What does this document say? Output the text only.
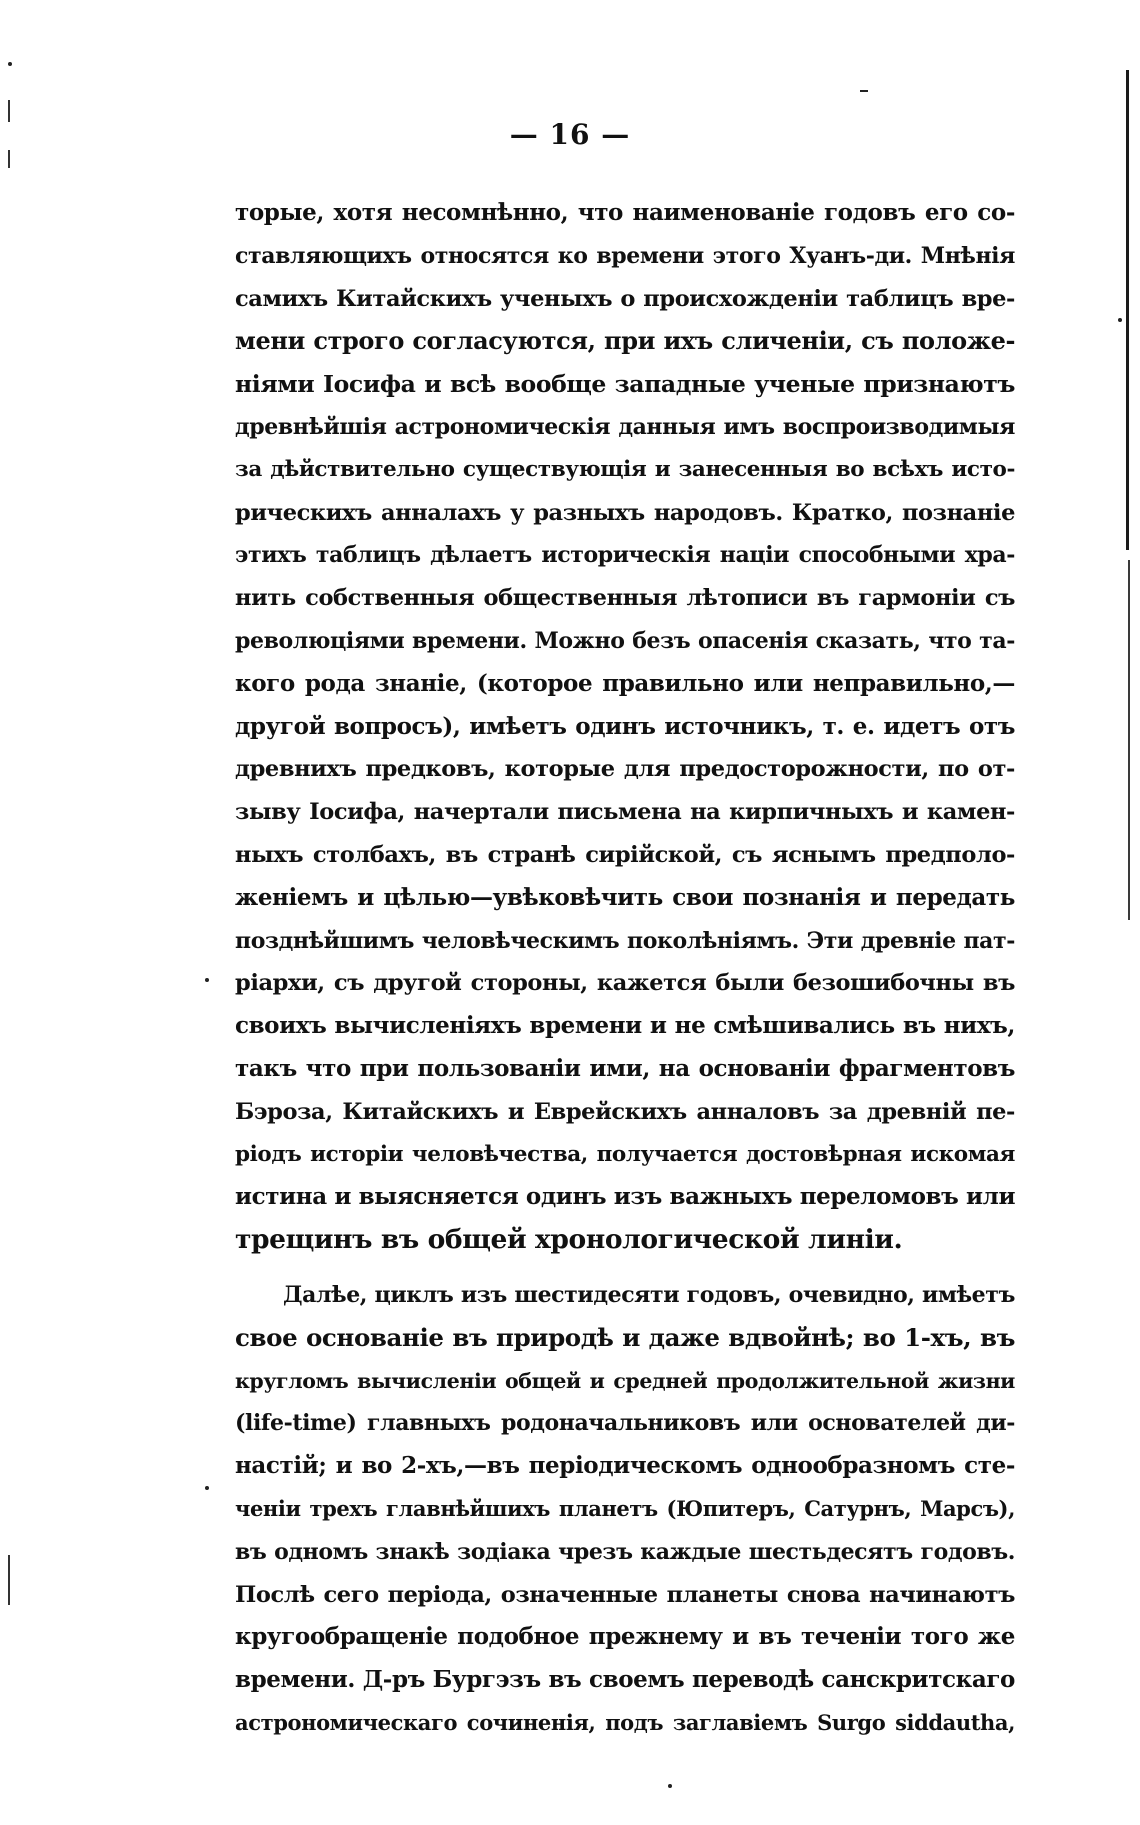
— 16 —
торые, хотя несомнѣнно, что наименованіе годовъ его со-
ставляющихъ относятся ко времени этого Хуанъ-ди. Мнѣнія
самихъ Китайскихъ ученыхъ о происхожденіи таблицъ вре-
мени строго согласуются, при ихъ сличеніи, съ положе-
ніями Іосифа и всѣ вообще западные ученые признаютъ
древнѣйшія астрономическія данныя имъ воспроизводимыя
за дѣйствительно существующія и занесенныя во всѣхъ истo-
рическихъ анналахъ у разныхъ народовъ. Кратко, познаніе
этихъ таблицъ дѣлаетъ историческія націи способными хра-
нить собственныя общественныя лѣтописи въ гармоніи съ
революціями времени. Можно безъ опасенія сказать, что та-
кого рода знаніе, (которое правильно или неправильно,—
другой вопросъ), имѣетъ одинъ источникъ, т. е. идетъ отъ
древнихъ предковъ, которые для предосторожности, по от-
зыву Іосифа, начертали письмена на кирпичныхъ и камен-
ныхъ столбахъ, въ странѣ сирійской, съ яснымъ предполо-
женіемъ и цѣлью—увѣковѣчить свои познанія и передать
позднѣйшимъ человѣческимъ поколѣніямъ. Эти древніе пат-
ріархи, съ другой стороны, кажется были безошибочны въ
своихъ вычисленіяхъ времени и не смѣшивались въ нихъ,
такъ что при пользованіи ими, на основаніи фрагментовъ
Бэроза, Китайскихъ и Еврейскихъ анналовъ за древній пе-
ріодъ исторіи человѣчества, получается достовѣрная искомая
истина и выясняется одинъ изъ важныхъ переломовъ или
трещинъ въ общей хронологической линіи.
Далѣе, циклъ изъ шестидесяти годовъ, очевидно, имѣетъ
свое основаніе въ природѣ и даже вдвойнѣ; во 1-хъ, въ
кругломъ вычисленіи общей и средней продолжительной жизни
(life-time) главныхъ родоначальниковъ или основателей ди-
настій; и во 2-хъ,—въ періодическомъ однообразномъ сте-
ченіи трехъ главнѣйшихъ планетъ (Юпитеръ, Сатурнъ, Марсъ),
въ одномъ знакѣ зодіака чрезъ каждые шестьдесятъ годовъ.
Послѣ сего періода, означенные планеты снова начинаютъ
кругообращеніе подобное прежнему и въ теченіи того же
времени. Д-ръ Бургэзъ въ своемъ переводѣ санскритскаго
астрономическаго сочиненія, подъ заглавіемъ Surgo siddautha,
